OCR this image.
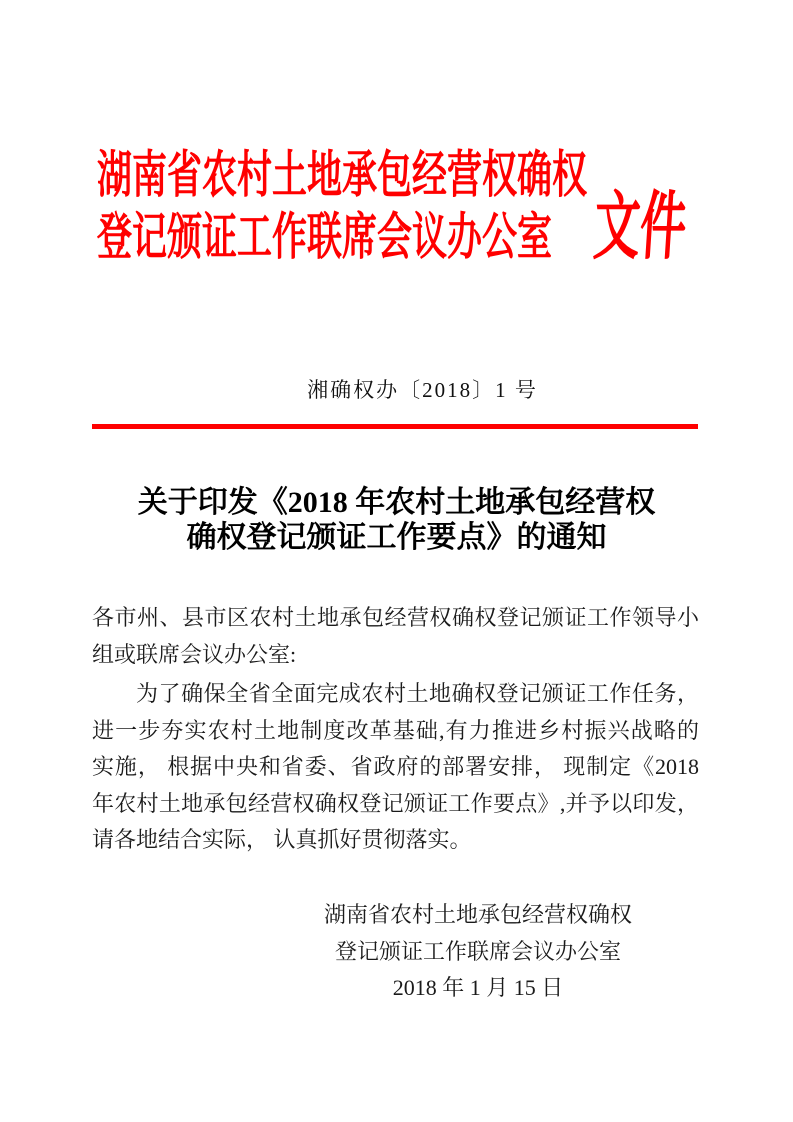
湖南省农村土地承包经营权确权
登记颁证工作联席会议办公室 文件
湘确权办〔2018〕1 号
关于印发《2018 年农村土地承包经营权
确权登记颁证工作要点》的通知
各市州、县市区农村土地承包经营权确权登记颁证工作领导小
组或联席会议办公室:
为了确保全省全面完成农村土地确权登记颁证工作任务，
进一步夯实农村土地制度改革基础,有力推进乡村振兴战略的
实施， 根据中央和省委、省政府的部署安排， 现制定《2018
年农村土地承包经营权确权登记颁证工作要点》,并予以印发，
请各地结合实际， 认真抓好贯彻落实。
湖南省农村土地承包经营权确权
登记颁证工作联席会议办公室
2018 年 1 月 15 日
